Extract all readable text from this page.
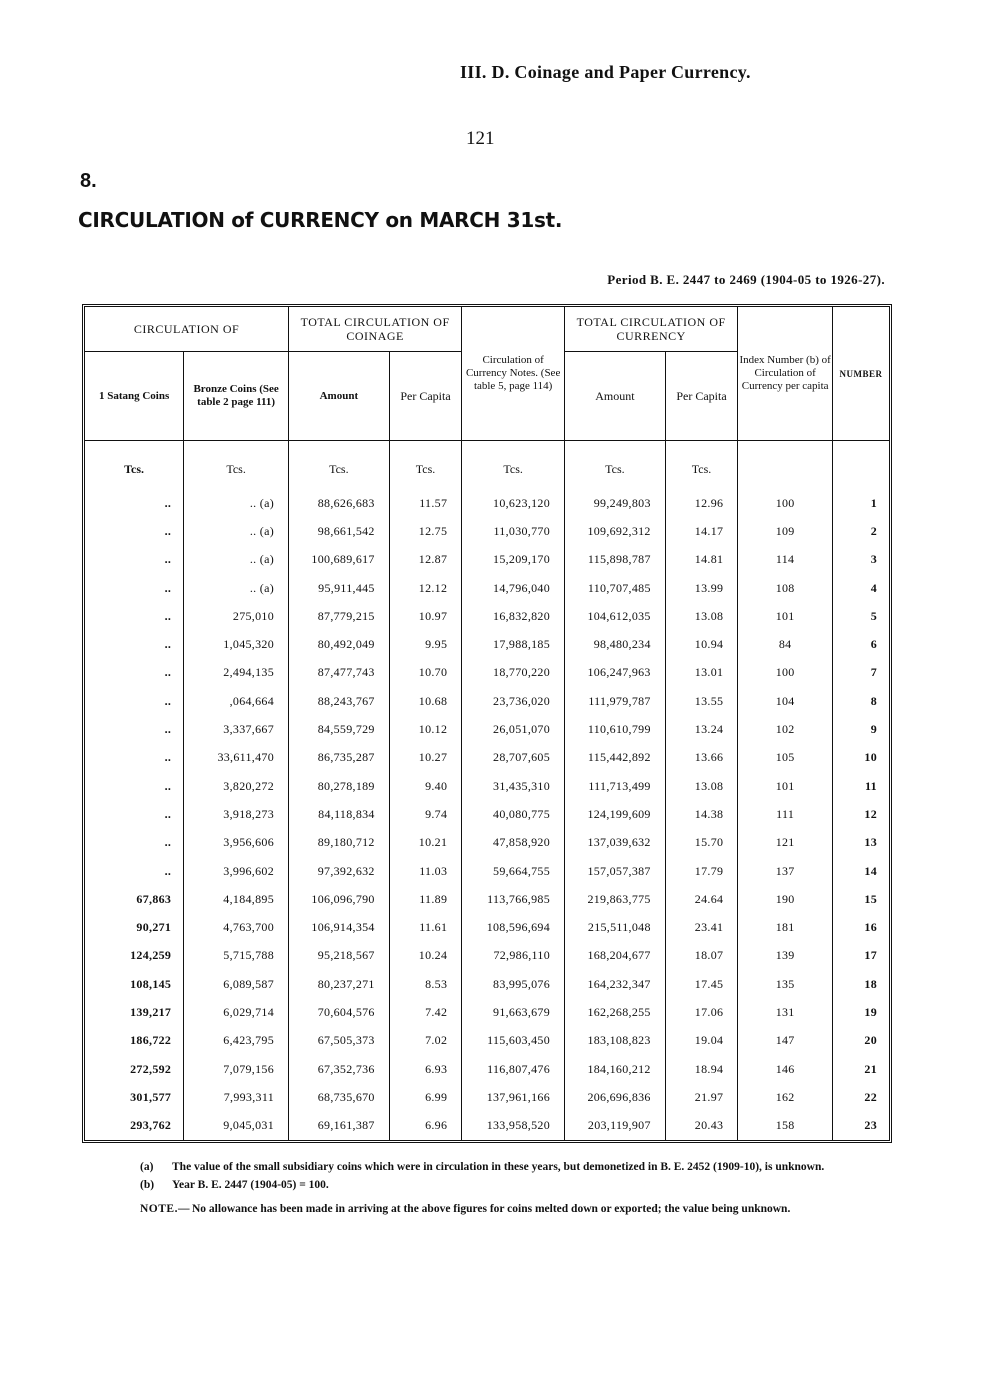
III. D. Coinage and Paper Currency.
121
8.
CIRCULATION of CURRENCY on MARCH 31st.
Period B. E. 2447 to 2469 (1904-05 to 1926-27).
CIRCULATION OF		TOTAL CIRCULATION OF COINAGE		Circulation of Currency Notes. (See table 5, page 114)	TOTAL CIRCULATION OF CURRENCY		Index Number (b) of Circulation of Currency per capita	NUMBER
1 Satang Coins	Bronze Coins (See table 2 page 111)	Amount	Per Capita		Amount	Per Capita		
Tcs.	Tcs.	Tcs.	Tcs.	Tcs.	Tcs.	Tcs.		

..	.. (a)	88,626,683	11.57	10,623,120	99,249,803	12.96	100	1
..	.. (a)	98,661,542	12.75	11,030,770	109,692,312	14.17	109	2
..	.. (a)	100,689,617	12.87	15,209,170	115,898,787	14.81	114	3
..	.. (a)	95,911,445	12.12	14,796,040	110,707,485	13.99	108	4
..	275,010	87,779,215	10.97	16,832,820	104,612,035	13.08	101	5
..	1,045,320	80,492,049	9.95	17,988,185	98,480,234	10.94	84	6
..	2,494,135	87,477,743	10.70	18,770,220	106,247,963	13.01	100	7
..	,064,664	88,243,767	10.68	23,736,020	111,979,787	13.55	104	8
..	3,337,667	84,559,729	10.12	26,051,070	110,610,799	13.24	102	9
..	33,611,470	86,735,287	10.27	28,707,605	115,442,892	13.66	105	10
..	3,820,272	80,278,189	9.40	31,435,310	111,713,499	13.08	101	11
..	3,918,273	84,118,834	9.74	40,080,775	124,199,609	14.38	111	12
..	3,956,606	89,180,712	10.21	47,858,920	137,039,632	15.70	121	13
..	3,996,602	97,392,632	11.03	59,664,755	157,057,387	17.79	137	14
67,863	4,184,895	106,096,790	11.89	113,766,985	219,863,775	24.64	190	15
90,271	4,763,700	106,914,354	11.61	108,596,694	215,511,048	23.41	181	16
124,259	5,715,788	95,218,567	10.24	72,986,110	168,204,677	18.07	139	17
108,145	6,089,587	80,237,271	8.53	83,995,076	164,232,347	17.45	135	18
139,217	6,029,714	70,604,576	7.42	91,663,679	162,268,255	17.06	131	19
186,722	6,423,795	67,505,373	7.02	115,603,450	183,108,823	19.04	147	20
272,592	7,079,156	67,352,736	6.93	116,807,476	184,160,212	18.94	146	21
301,577	7,993,311	68,735,670	6.99	137,961,166	206,696,836	21.97	162	22
293,762	9,045,031	69,161,387	6.96	133,958,520	203,119,907	20.43	158	23
(a)	The value of the small subsidiary coins which were in circulation in these years, but demonetized in B. E. 2452 (1909-10), is unknown.
(b)	Year B. E. 2447 (1904-05) = 100.
NOTE.— No allowance has been made in arriving at the above figures for coins melted down or exported; the value being unknown.
